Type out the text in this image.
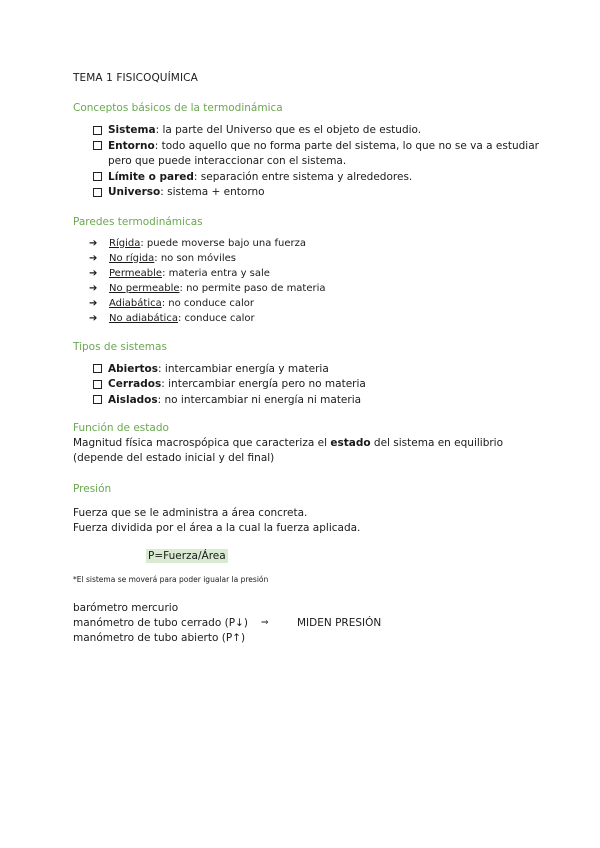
TEMA 1 FISICOQUÍMICA

Conceptos básicos de la termodinámica

Sistema: la parte del Universo que es el objeto de estudio.
Entorno: todo aquello que no forma parte del sistema, lo que no se va a estudiar pero que puede interaccionar con el sistema.
Límite o pared: separación entre sistema y alrededores.
Universo: sistema + entorno

Paredes termodinámicas

➔	Rígida: puede moverse bajo una fuerza
➔	No rígida: no son móviles
➔	Permeable: materia entra y sale
➔	No permeable: no permite paso de materia
➔	Adiabática: no conduce calor
➔	No adiabática: conduce calor

Tipos de sistemas

Abiertos: intercambiar energía y materia
Cerrados: intercambiar energía pero no materia
Aislados: no intercambiar ni energía ni materia

Función de estado

Magnitud física macrospópica que caracteriza el estado del sistema en equilibrio
(depende del estado inicial y del final)

Presión

Fuerza que se le administra a área concreta.
Fuerza dividida por el área a la cual la fuerza aplicada.
P=Fuerza/Área
*El sistema se moverá para poder igualar la presión
barómetro mercurio
manómetro de tubo cerrado (P↓)	⇒	MIDEN PRESIÓN
manómetro de tubo abierto (P↑)
